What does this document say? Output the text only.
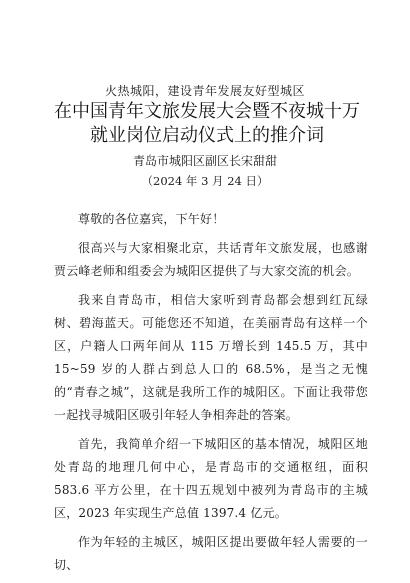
火热城阳，建设青年发展友好型城区
在中国青年文旅发展大会暨不夜城十万就业岗位启动仪式上的推介词
青岛市城阳区副区长宋甜甜
（2024 年 3 月 24 日）

尊敬的各位嘉宾，下午好！

很高兴与大家相聚北京，共话青年文旅发展，也感谢贾云峰老师和组委会为城阳区提供了与大家交流的机会。

我来自青岛市，相信大家听到青岛都会想到红瓦绿树、碧海蓝天。可能您还不知道，在美丽青岛有这样一个区，户籍人口两年间从 115 万增长到 145.5 万，其中 15~59 岁的人群占到总人口的 68.5%，是当之无愧的“青春之城”，这就是我所工作的城阳区。下面让我带您一起找寻城阳区吸引年轻人争相奔赴的答案。

首先，我简单介绍一下城阳区的基本情况，城阳区地处青岛的地理几何中心，是青岛市的交通枢纽，面积 583.6 平方公里，在十四五规划中被列为青岛市的主城区，2023 年实现生产总值 1397.4 亿元。

作为年轻的主城区，城阳区提出要做年轻人需要的一切、
